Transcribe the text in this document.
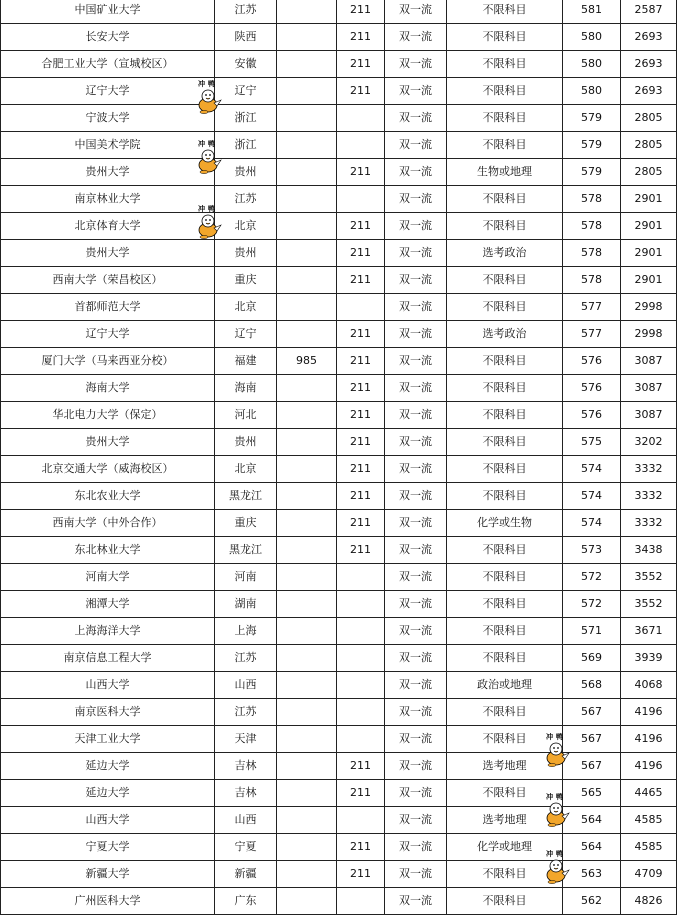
中国矿业大学	江苏		211	双一流	不限科目	581	2587
长安大学	陕西		211	双一流	不限科目	580	2693
合肥工业大学（宣城校区）	安徽		211	双一流	不限科目	580	2693
辽宁大学	辽宁		211	双一流	不限科目	580	2693
宁波大学	浙江			双一流	不限科目	579	2805
中国美术学院	浙江			双一流	不限科目	579	2805
贵州大学	贵州		211	双一流	生物或地理	579	2805
南京林业大学	江苏			双一流	不限科目	578	2901
北京体育大学	北京		211	双一流	不限科目	578	2901
贵州大学	贵州		211	双一流	选考政治	578	2901
西南大学（荣昌校区）	重庆		211	双一流	不限科目	578	2901
首都师范大学	北京			双一流	不限科目	577	2998
辽宁大学	辽宁		211	双一流	选考政治	577	2998
厦门大学（马来西亚分校）	福建	985	211	双一流	不限科目	576	3087
海南大学	海南		211	双一流	不限科目	576	3087
华北电力大学（保定）	河北		211	双一流	不限科目	576	3087
贵州大学	贵州		211	双一流	不限科目	575	3202
北京交通大学（威海校区）	北京		211	双一流	不限科目	574	3332
东北农业大学	黑龙江		211	双一流	不限科目	574	3332
西南大学（中外合作）	重庆		211	双一流	化学或生物	574	3332
东北林业大学	黑龙江		211	双一流	不限科目	573	3438
河南大学	河南			双一流	不限科目	572	3552
湘潭大学	湖南			双一流	不限科目	572	3552
上海海洋大学	上海			双一流	不限科目	571	3671
南京信息工程大学	江苏			双一流	不限科目	569	3939
山西大学	山西			双一流	政治或地理	568	4068
南京医科大学	江苏			双一流	不限科目	567	4196
天津工业大学	天津			双一流	不限科目	567	4196
延边大学	吉林		211	双一流	选考地理	567	4196
延边大学	吉林		211	双一流	不限科目	565	4465
山西大学	山西			双一流	选考地理	564	4585
宁夏大学	宁夏		211	双一流	化学或地理	564	4585
新疆大学	新疆		211	双一流	不限科目	563	4709
广州医科大学	广东			双一流	不限科目	562	4826
冲鸭
冲鸭
冲鸭
冲鸭
冲鸭
冲鸭
